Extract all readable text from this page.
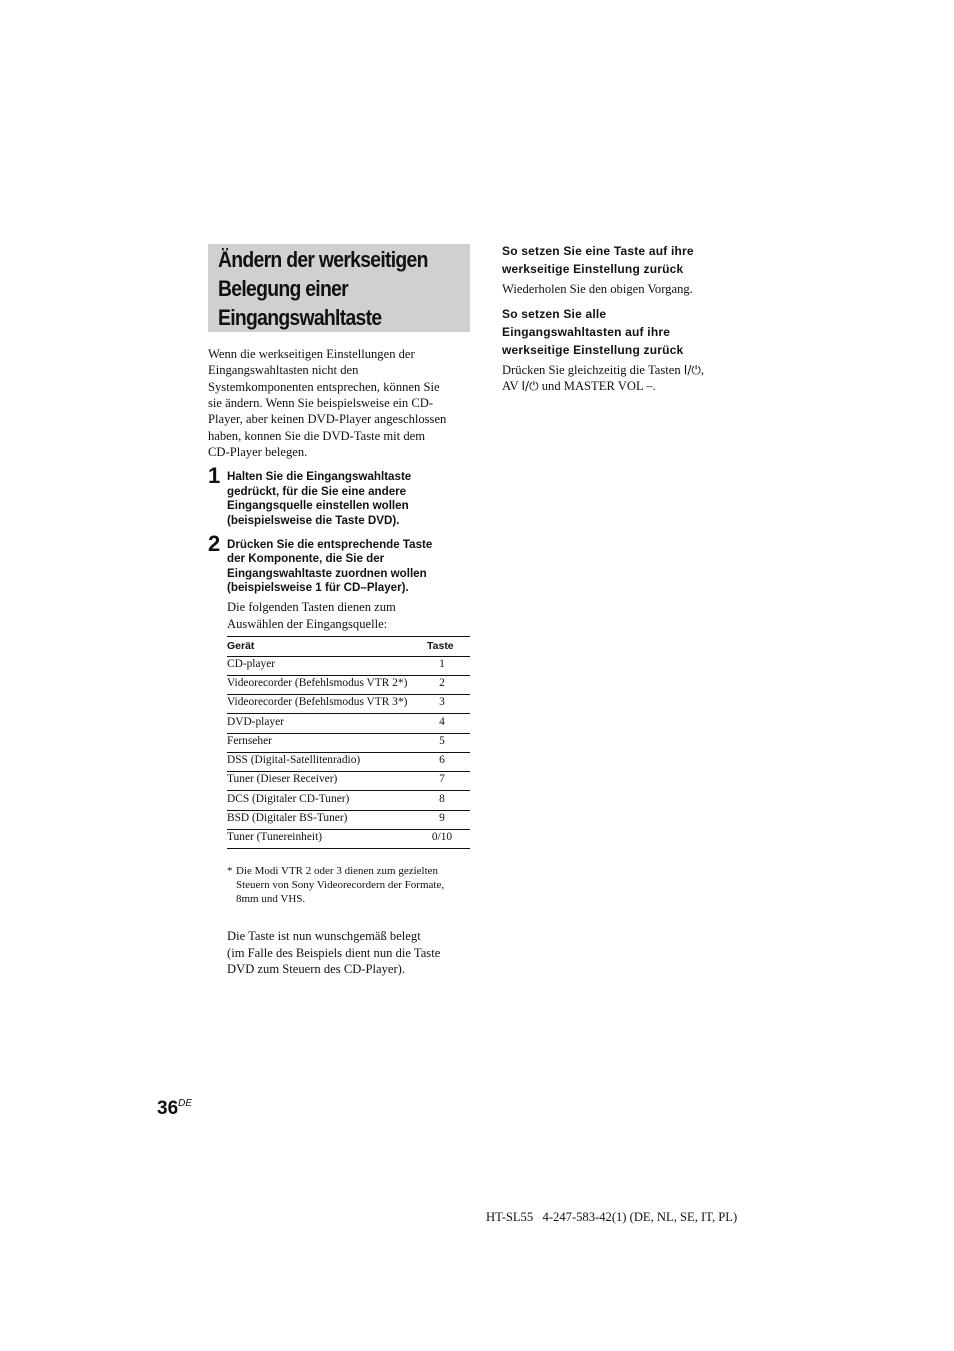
Ändern der werkseitigen
Belegung einer
Eingangswahltaste
Wenn die werkseitigen Einstellungen der
Eingangswahltasten nicht den
Systemkomponenten entsprechen, können Sie
sie ändern. Wenn Sie beispielsweise ein CD-
Player, aber keinen DVD-Player angeschlossen
haben, konnen Sie die DVD-Taste mit dem
CD-Player belegen.
1 Halten Sie die Eingangswahltaste
gedrückt, für die Sie eine andere
Eingangsquelle einstellen wollen
(beispielsweise die Taste DVD).
2 Drücken Sie die entsprechende Taste
der Komponente, die Sie der
Eingangswahltaste zuordnen wollen
(beispielsweise 1 für CD–Player).
Die folgenden Tasten dienen zum
Auswählen der Eingangsquelle:
Gerät	Taste
CD-player	1
Videorecorder (Befehlsmodus VTR 2*)	2
Videorecorder (Befehlsmodus VTR 3*)	3
DVD-player	4
Fernseher	5
DSS (Digital-Satellitenradio)	6
Tuner (Dieser Receiver)	7
DCS (Digitaler CD-Tuner)	8
BSD (Digitaler BS-Tuner)	9
Tuner (Tunereinheit)	0/10
* Die Modi VTR 2 oder 3 dienen zum gezielten
Steuern von Sony Videorecordern der Formate,
8mm und VHS.
Die Taste ist nun wunschgemäß belegt
(im Falle des Beispiels dient nun die Taste
DVD zum Steuern des CD-Player).
So setzen Sie eine Taste auf ihre
werkseitige Einstellung zurück
Wiederholen Sie den obigen Vorgang.
So setzen Sie alle
Eingangswahltasten auf ihre
werkseitige Einstellung zurück
Drücken Sie gleichzeitig die Tasten I/⏻,
AV I/⏻ und MASTER VOL –.
36DE
HT-SL55   4-247-583-42(1) (DE, NL, SE, IT, PL)
